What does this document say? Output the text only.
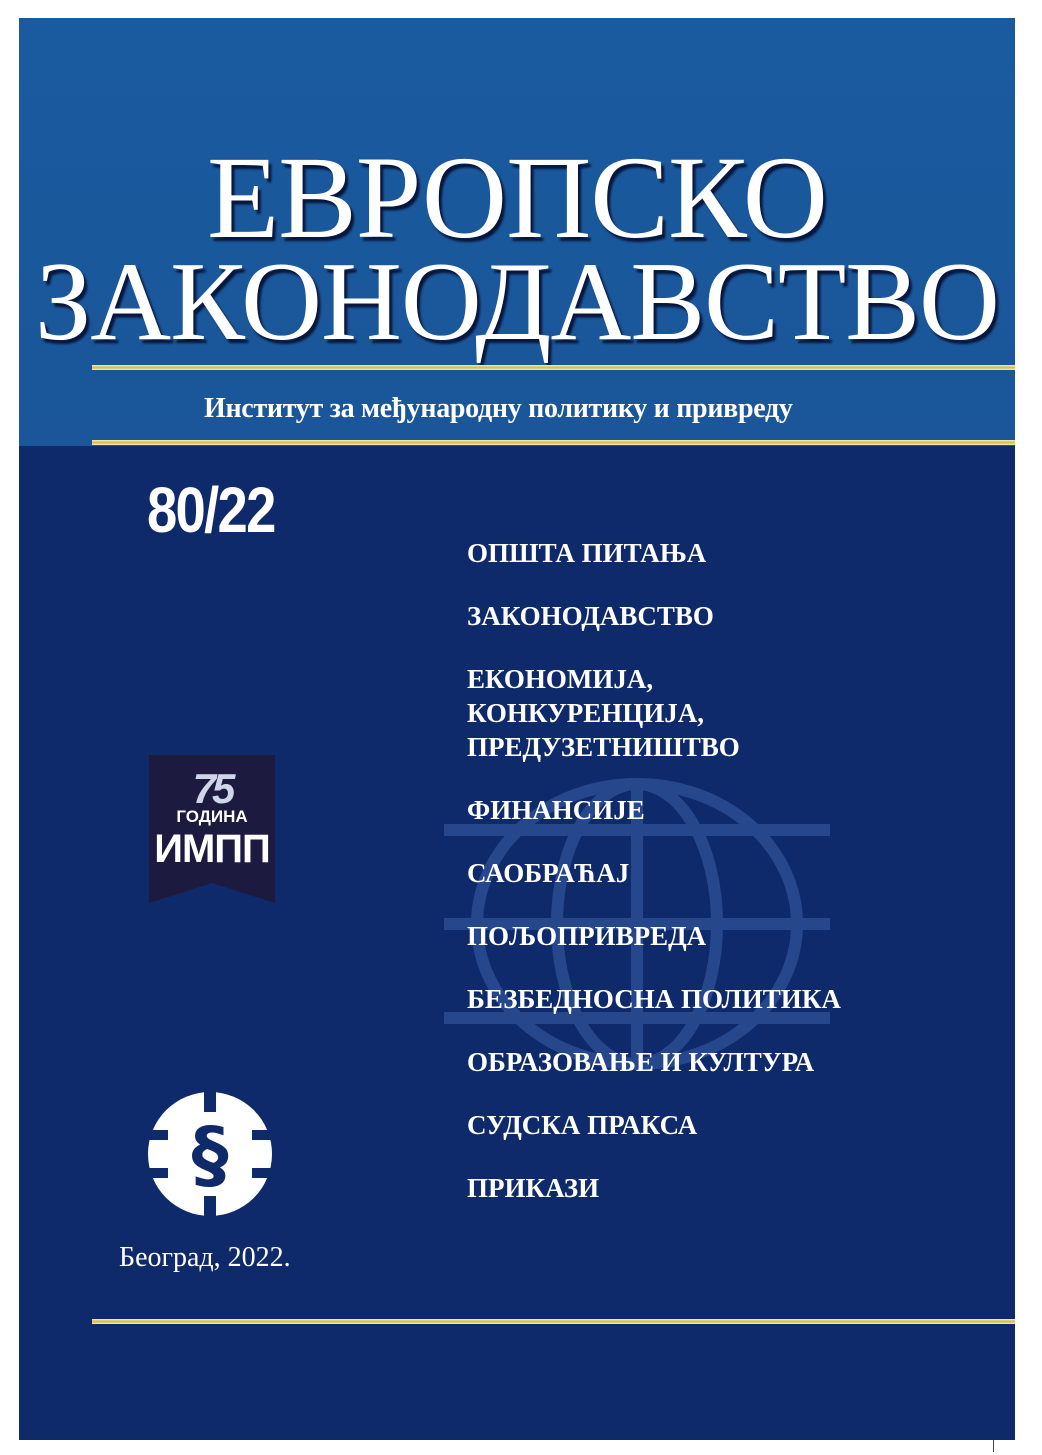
ЕВРОПСКО
ЗАКОНОДАВСТВО
Институт за међународну политику и привреду
80/22
ОПШТА ПИТАЊА
ЗАКОНОДАВСТВО
ЕКОНОМИЈА, КОНКУРЕНЦИЈА, ПРЕДУЗЕТНИШТВО
ФИНАНСИЈЕ
САОБРАЋАЈ
ПОЉОПРИВРЕДА
БЕЗБЕДНОСНА ПОЛИТИКА
ОБРАЗОВАЊЕ И КУЛТУРА
СУДСКА ПРАКСА
ПРИКАЗИ
75
ГОДИНА
ИМПП
§
Београд, 2022.
